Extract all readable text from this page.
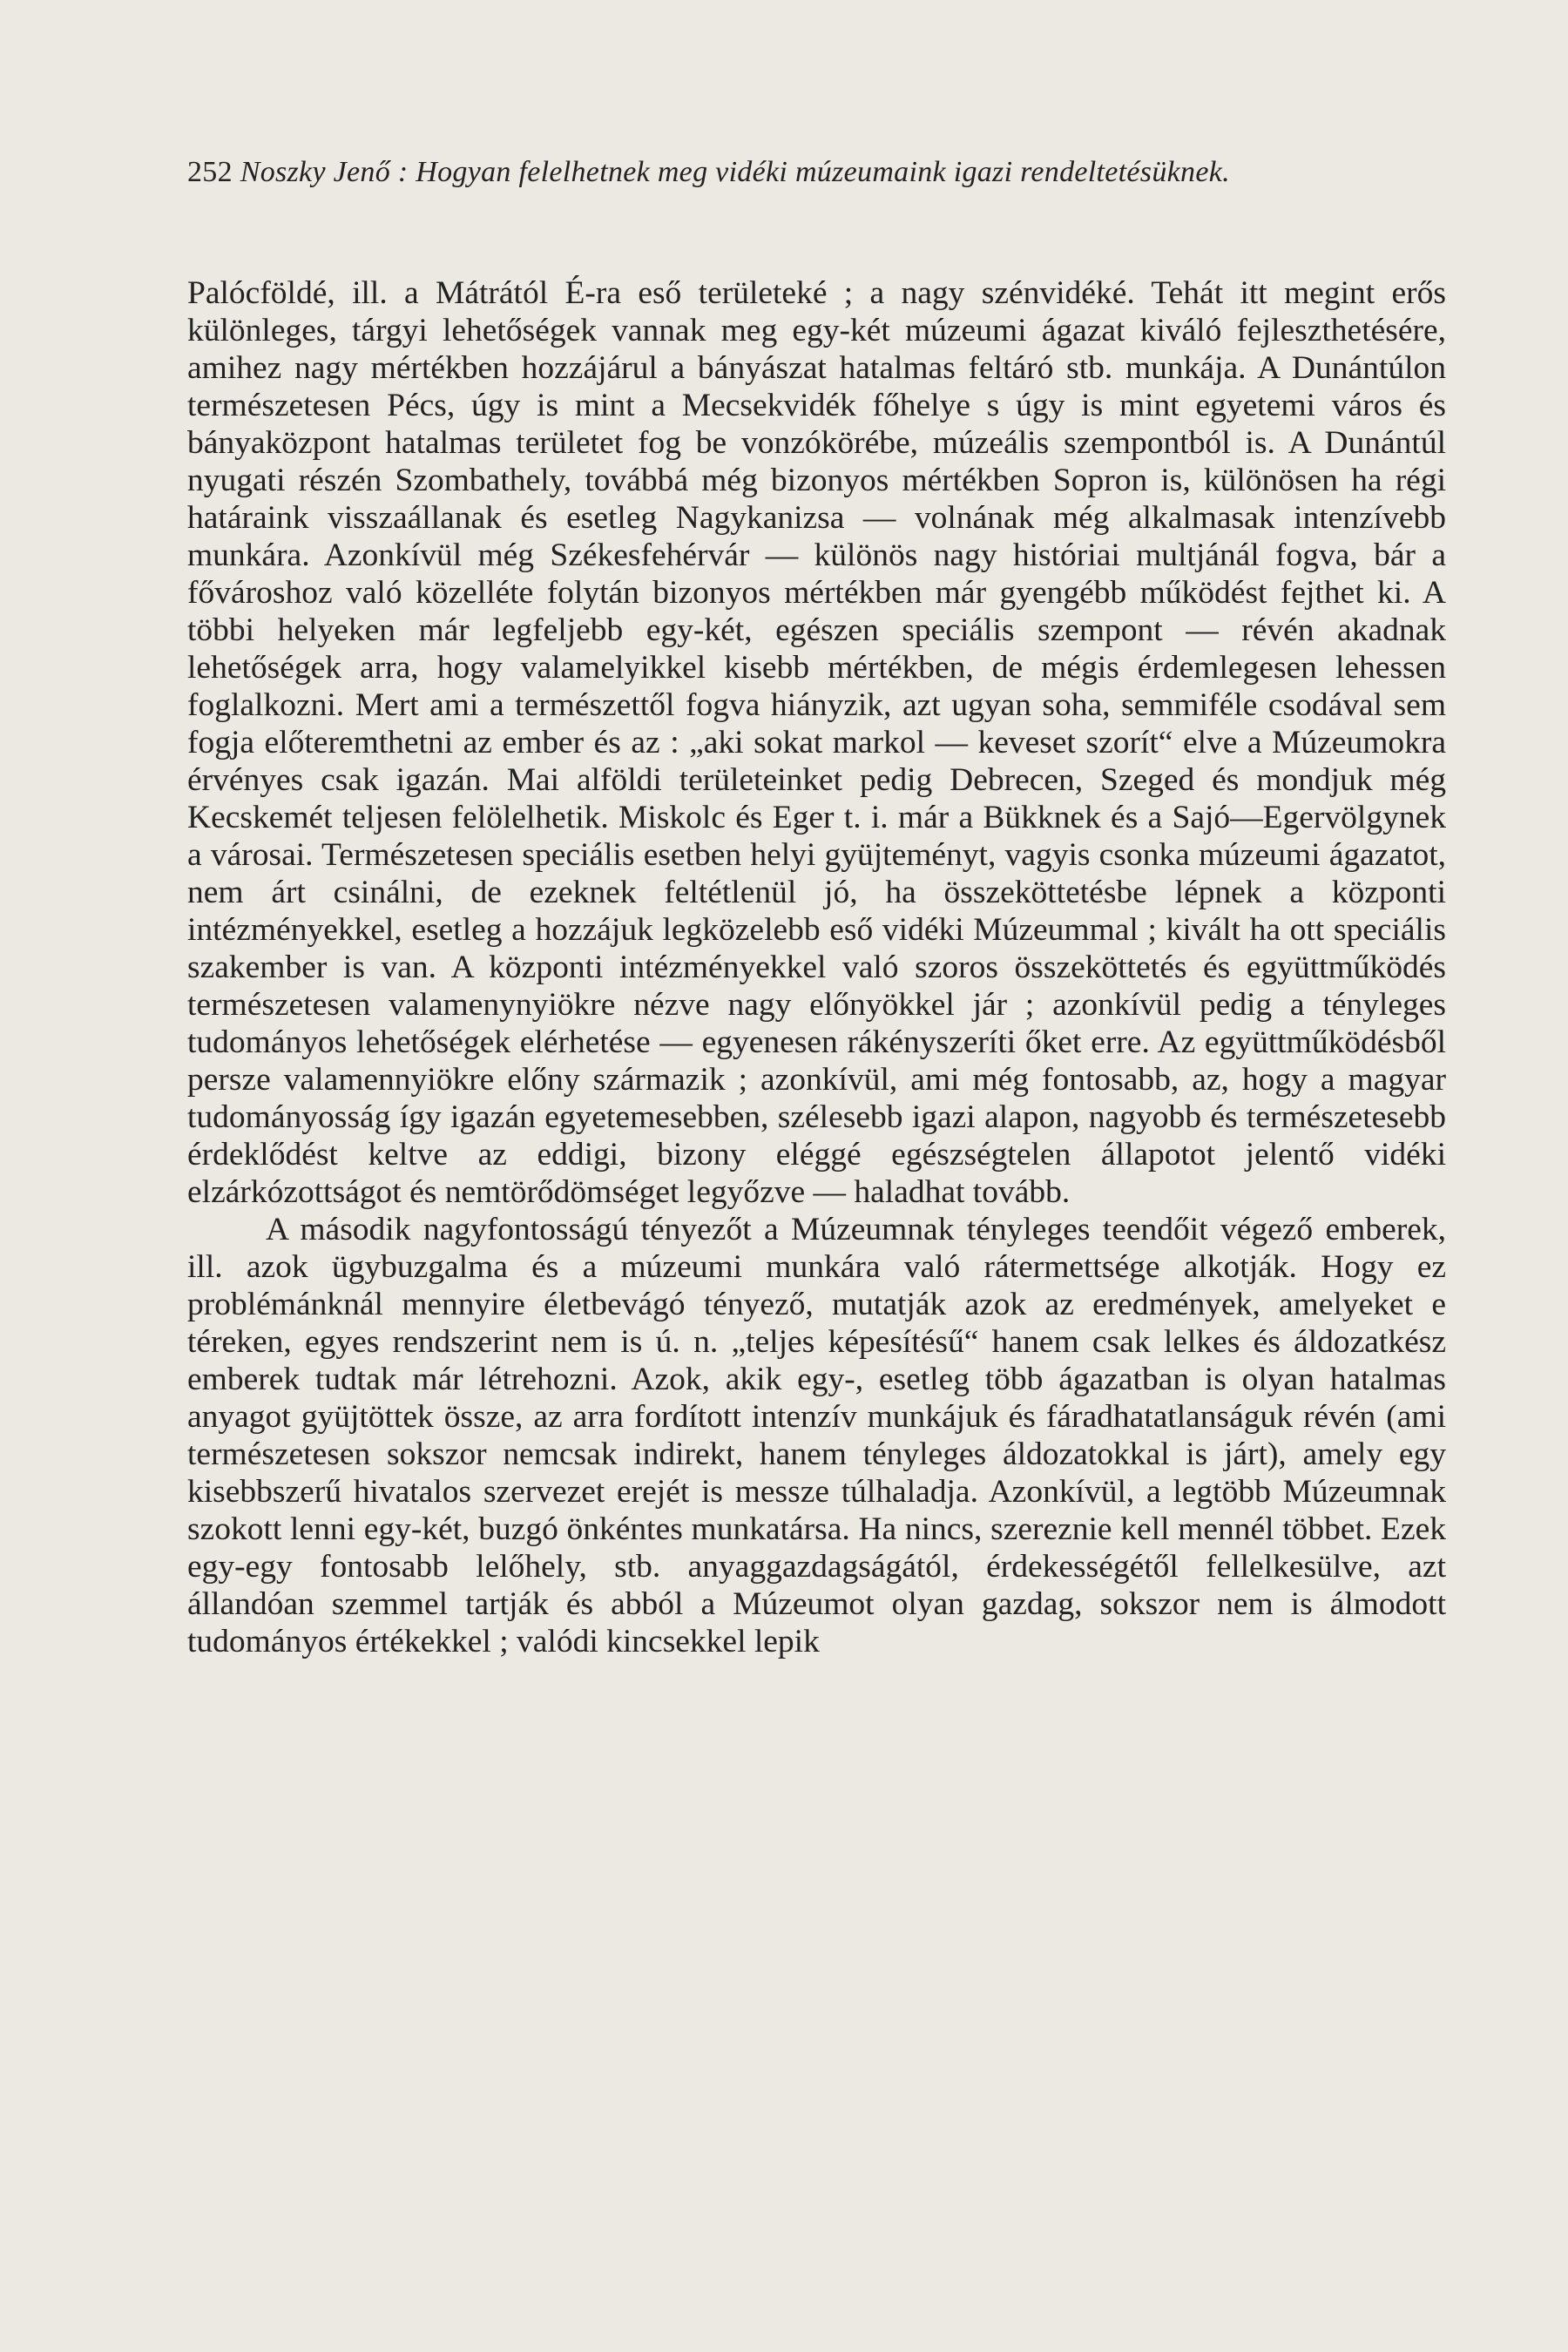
252 Noszky Jenő : Hogyan felelhetnek meg vidéki múzeumaink igazi rendeltetésüknek.

Palócföldé, ill. a Mátrától É-ra eső területeké ; a nagy szénvidéké. Tehát itt megint erős különleges, tárgyi lehetőségek vannak meg egy-két múzeumi ágazat kiváló fejleszthetésére, amihez nagy mértékben hozzájárul a bányászat hatalmas feltáró stb. munkája. A Dunántúlon természetesen Pécs, úgy is mint a Mecsekvidék főhelye s úgy is mint egyetemi város és bányaközpont hatalmas területet fog be vonzókörébe, múzeális szempontból is. A Dunántúl nyugati részén Szombathely, továbbá még bizonyos mértékben Sopron is, különösen ha régi határaink visszaállanak és esetleg Nagykanizsa — volnának még alkalmasak intenzívebb munkára. Azonkívül még Székesfehérvár — különös nagy históriai multjánál fogva, bár a fővároshoz való közelléte folytán bizonyos mértékben már gyengébb működést fejthet ki. A többi helyeken már legfeljebb egy-két, egészen speciális szempont — révén akadnak lehetőségek arra, hogy valamelyikkel kisebb mértékben, de mégis érdemlegesen lehessen foglalkozni. Mert ami a természettől fogva hiányzik, azt ugyan soha, semmiféle csodával sem fogja előteremthetni az ember és az : „aki sokat markol — keveset szorít“ elve a Múzeumokra érvényes csak igazán. Mai alföldi területeinket pedig Debrecen, Szeged és mondjuk még Kecskemét teljesen felölelhetik. Miskolc és Eger t. i. már a Bükknek és a Sajó—Egervölgynek a városai. Természetesen speciális esetben helyi gyüjteményt, vagyis csonka múzeumi ágazatot, nem árt csinálni, de ezeknek feltétlenül jó, ha összeköttetésbe lépnek a központi intézményekkel, esetleg a hozzájuk legközelebb eső vidéki Múzeummal ; kivált ha ott speciális szakember is van. A központi intézményekkel való szoros összeköttetés és együttműködés természetesen valamenynyiökre nézve nagy előnyökkel jár ; azonkívül pedig a tényleges tudományos lehetőségek elérhetése — egyenesen rákényszeríti őket erre. Az együttműködésből persze valamennyiökre előny származik ; azonkívül, ami még fontosabb, az, hogy a magyar tudományosság így igazán egyetemesebben, szélesebb igazi alapon, nagyobb és természetesebb érdeklődést keltve az eddigi, bizony eléggé egészségtelen állapotot jelentő vidéki elzárkózottságot és nemtörődömséget legyőzve — haladhat tovább.

A második nagyfontosságú tényezőt a Múzeumnak tényleges teendőit végező emberek, ill. azok ügybuzgalma és a múzeumi munkára való rátermettsége alkotják. Hogy ez problémánknál mennyire életbevágó tényező, mutatják azok az eredmények, amelyeket e téreken, egyes rendszerint nem is ú. n. „teljes képesítésű“ hanem csak lelkes és áldozatkész emberek tudtak már létrehozni. Azok, akik egy-, esetleg több ágazatban is olyan hatalmas anyagot gyüjtöttek össze, az arra fordított intenzív munkájuk és fáradhatatlanságuk révén (ami természetesen sokszor nemcsak indirekt, hanem tényleges áldozatokkal is járt), amely egy kisebbszerű hivatalos szervezet erejét is messze túlhaladja. Azonkívül, a legtöbb Múzeumnak szokott lenni egy-két, buzgó önkéntes munkatársa. Ha nincs, szereznie kell mennél többet. Ezek egy-egy fontosabb lelőhely, stb. anyaggazdagságától, érdekességétől fellelkesülve, azt állandóan szemmel tartják és abból a Múzeumot olyan gazdag, sokszor nem is álmodott tudományos értékekkel ; valódi kincsekkel lepik
